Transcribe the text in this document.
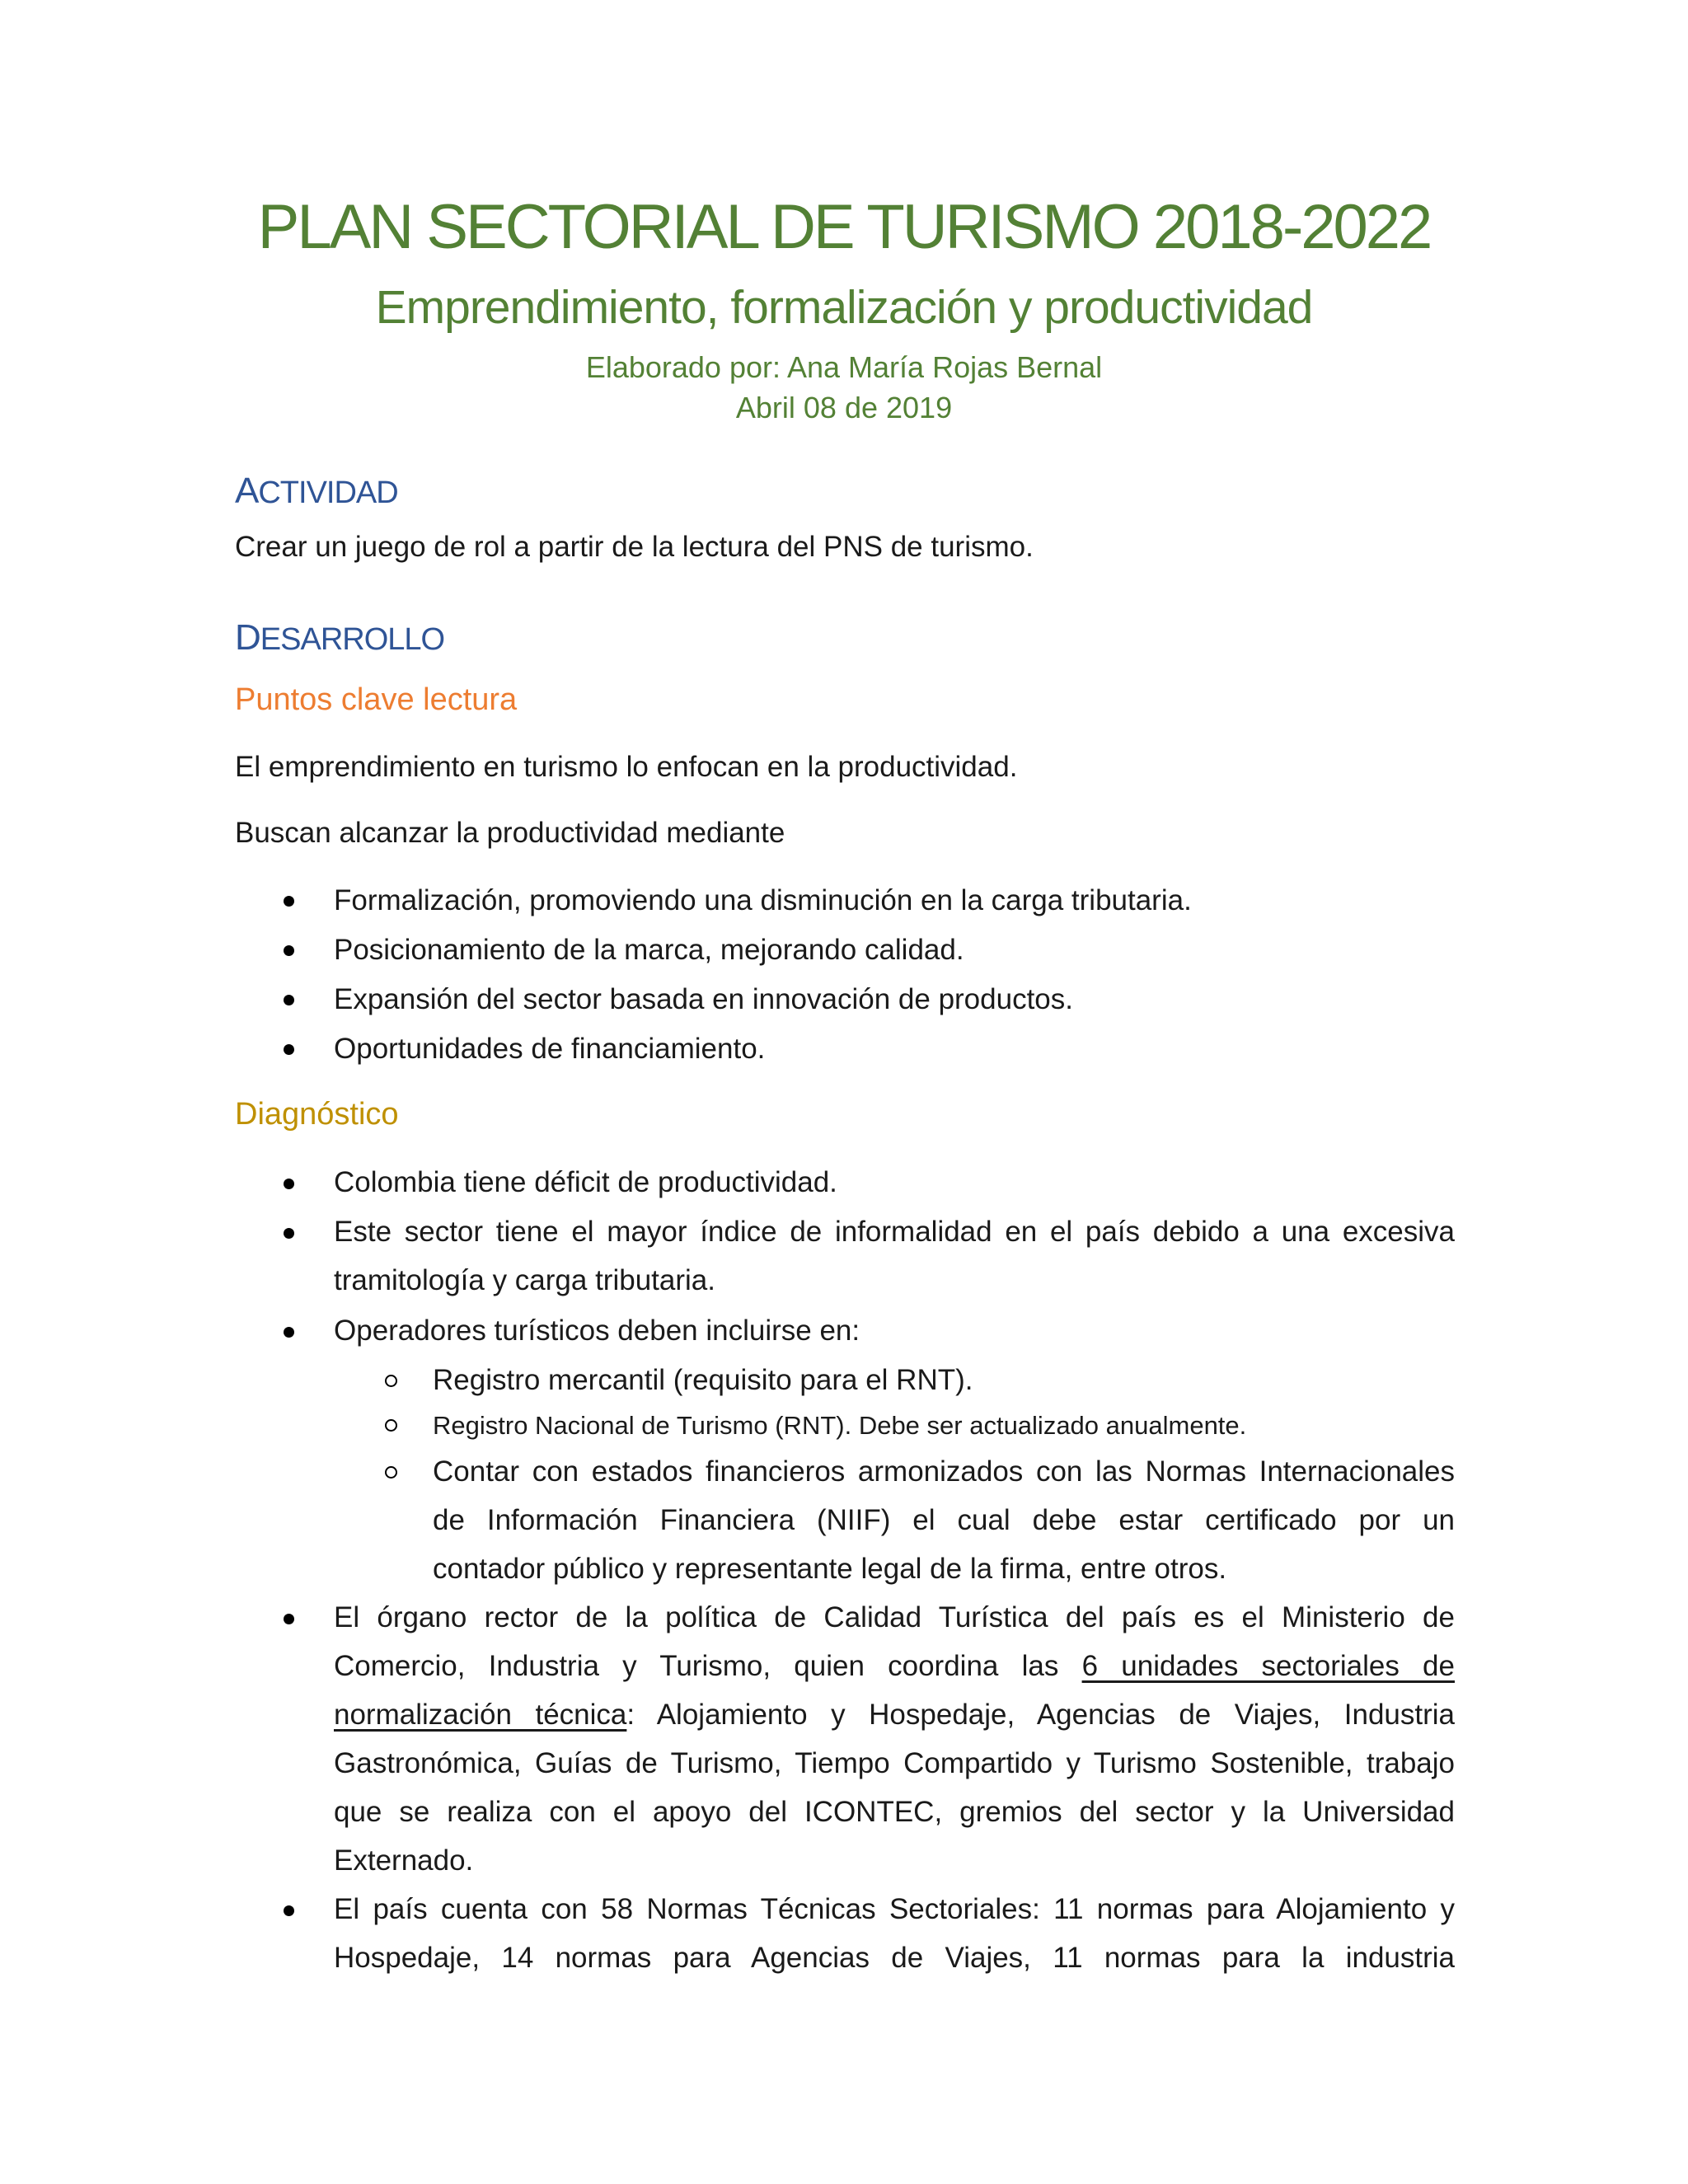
PLAN SECTORIAL DE TURISMO 2018-2022
Emprendimiento, formalización y productividad
Elaborado por: Ana María Rojas Bernal
Abril 08 de 2019
ACTIVIDAD
Crear un juego de rol a partir de la lectura del PNS de turismo.
DESARROLLO
Puntos clave lectura
El emprendimiento en turismo lo enfocan en la productividad.
Buscan alcanzar la productividad mediante
Formalización, promoviendo una disminución en la carga tributaria.
Posicionamiento de la marca, mejorando calidad.
Expansión del sector basada en innovación de productos.
Oportunidades de financiamiento.
Diagnóstico
Colombia tiene déficit de productividad.
Este sector tiene el mayor índice de informalidad en el país debido a una excesiva
tramitología y carga tributaria.
Operadores turísticos deben incluirse en:
Registro mercantil (requisito para el RNT).
Registro Nacional de Turismo (RNT). Debe ser actualizado anualmente.
Contar con estados financieros armonizados con las Normas Internacionales
de Información Financiera (NIIF) el cual debe estar certificado por un
contador público y representante legal de la firma, entre otros.
El órgano rector de la política de Calidad Turística del país es el Ministerio de
Comercio, Industria y Turismo, quien coordina las 6 unidades sectoriales de
normalización técnica: Alojamiento y Hospedaje, Agencias de Viajes, Industria
Gastronómica, Guías de Turismo, Tiempo Compartido y Turismo Sostenible, trabajo
que se realiza con el apoyo del ICONTEC, gremios del sector y la Universidad
Externado.
El país cuenta con 58 Normas Técnicas Sectoriales: 11 normas para Alojamiento y
Hospedaje, 14 normas para Agencias de Viajes, 11 normas para la industria
